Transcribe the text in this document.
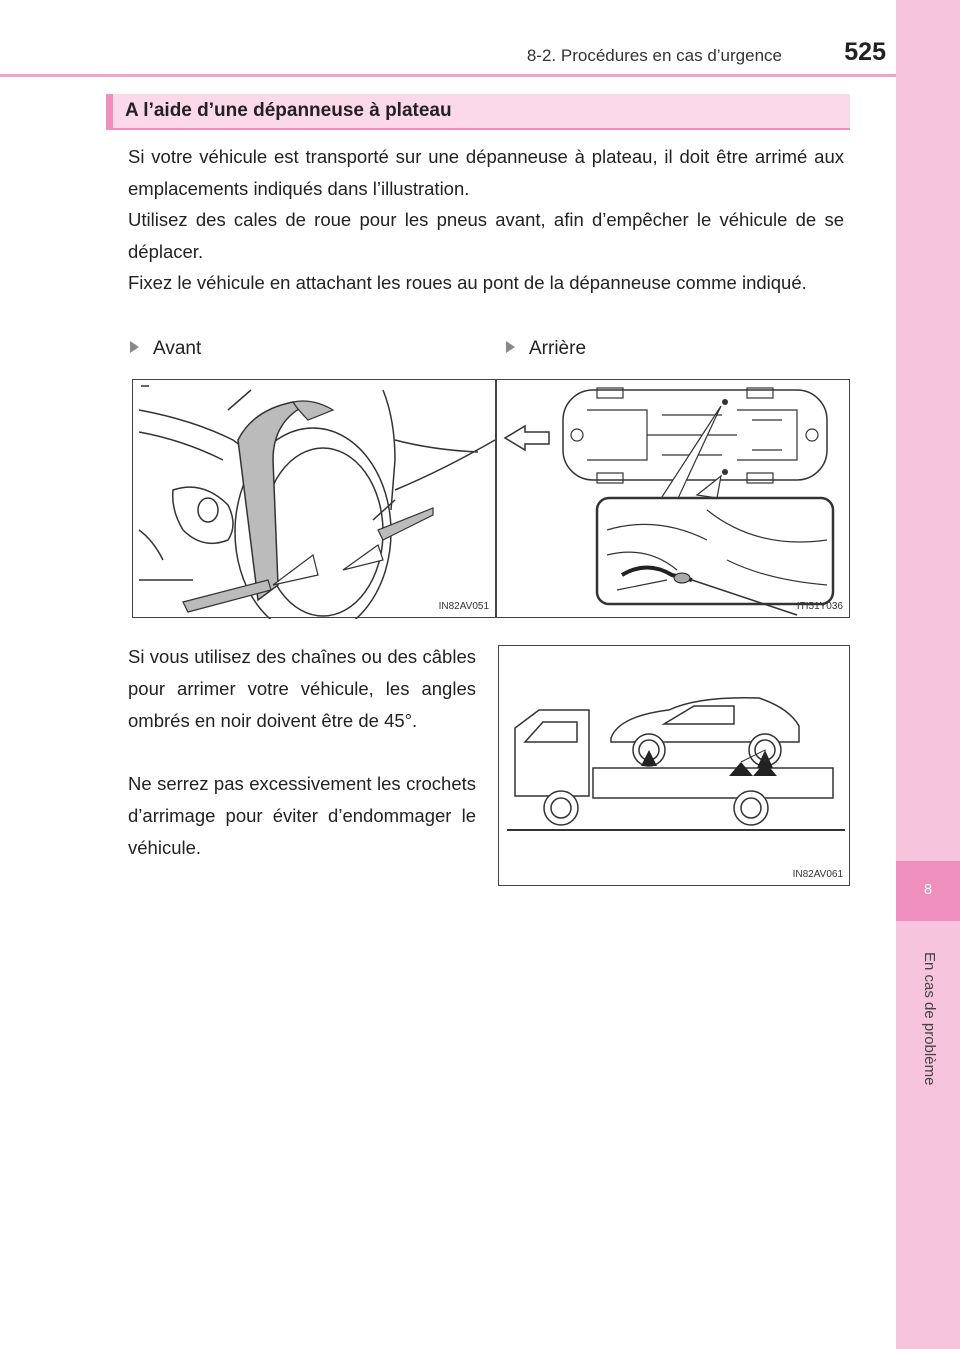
8-2. Procédures en cas d’urgence	525
8
En cas de problème
A l’aide d’une dépanneuse à plateau

Si votre véhicule est transporté sur une dépanneuse à plateau, il doit être arrimé aux emplacements indiqués dans l’illustration.

Utilisez des cales de roue pour les pneus avant, afin d’empêcher le véhicule de se déplacer.

Fixez le véhicule en attachant les roues au pont de la dépanneuse comme indiqué.

Avant	Arrière
IN82AV051	ITI51Y036

Si vous utilisez des chaînes ou des câbles pour arrimer votre véhicule, les angles ombrés en noir doivent être de 45°.

Ne serrez pas excessivement les crochets d’arrimage pour éviter d’endommager le véhicule.

IN82AV061
